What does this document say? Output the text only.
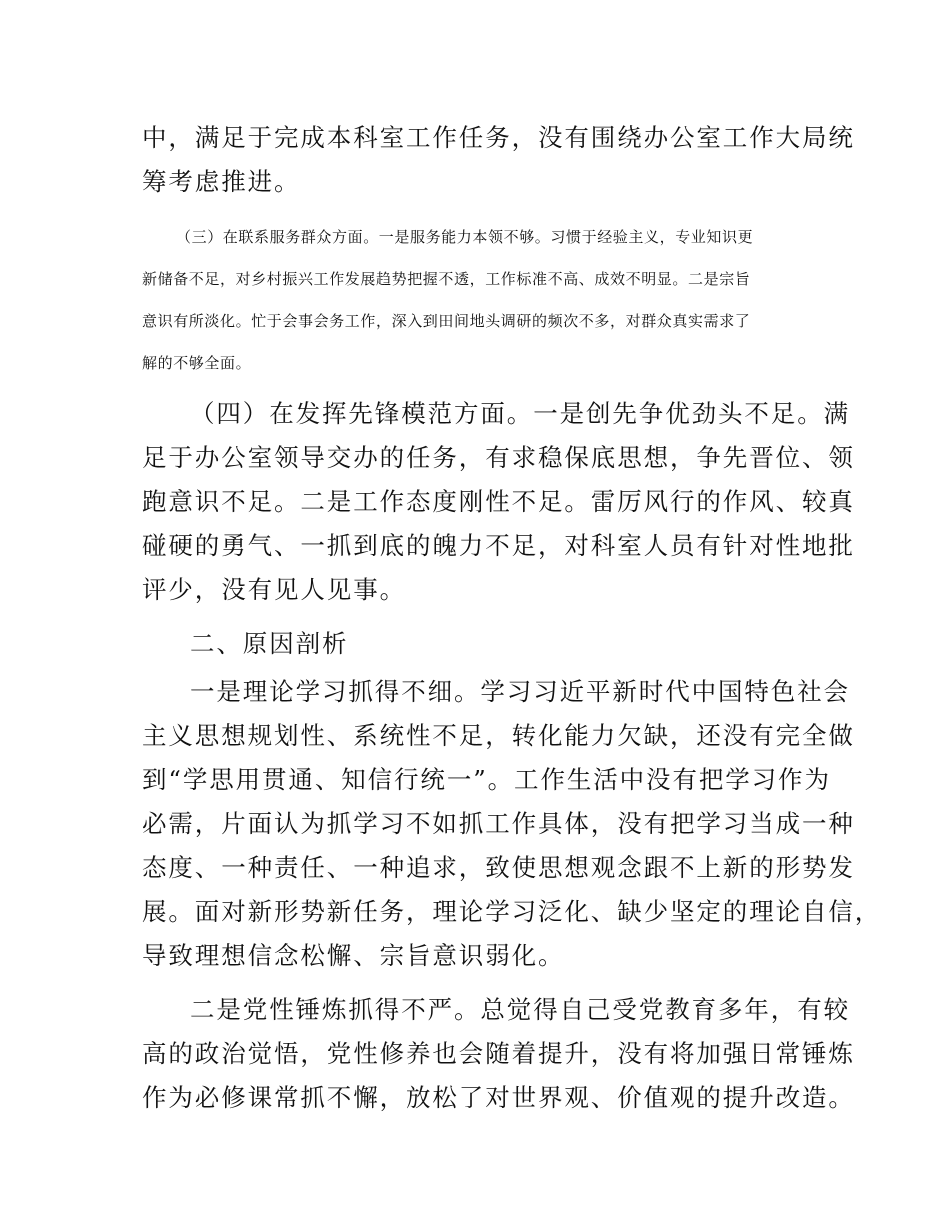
中，满足于完成本科室工作任务，没有围绕办公室工作大局统

筹考虑推进。

（三）在联系服务群众方面。一是服务能力本领不够。习惯于经验主义，专业知识更

新储备不足，对乡村振兴工作发展趋势把握不透，工作标准不高、成效不明显。二是宗旨

意识有所淡化。忙于会事会务工作，深入到田间地头调研的频次不多，对群众真实需求了

解的不够全面。

（四）在发挥先锋模范方面。一是创先争优劲头不足。满

足于办公室领导交办的任务，有求稳保底思想，争先晋位、领

跑意识不足。二是工作态度刚性不足。雷厉风行的作风、较真

碰硬的勇气、一抓到底的魄力不足，对科室人员有针对性地批

评少，没有见人见事。

二、原因剖析

一是理论学习抓得不细。学习习近平新时代中国特色社会

主义思想规划性、系统性不足，转化能力欠缺，还没有完全做

到“学思用贯通、知信行统一”。工作生活中没有把学习作为

必需，片面认为抓学习不如抓工作具体，没有把学习当成一种

态度、一种责任、一种追求，致使思想观念跟不上新的形势发

展。面对新形势新任务，理论学习泛化、缺少坚定的理论自信，

导致理想信念松懈、宗旨意识弱化。

二是党性锤炼抓得不严。总觉得自己受党教育多年，有较

高的政治觉悟，党性修养也会随着提升，没有将加强日常锤炼

作为必修课常抓不懈，放松了对世界观、价值观的提升改造。
